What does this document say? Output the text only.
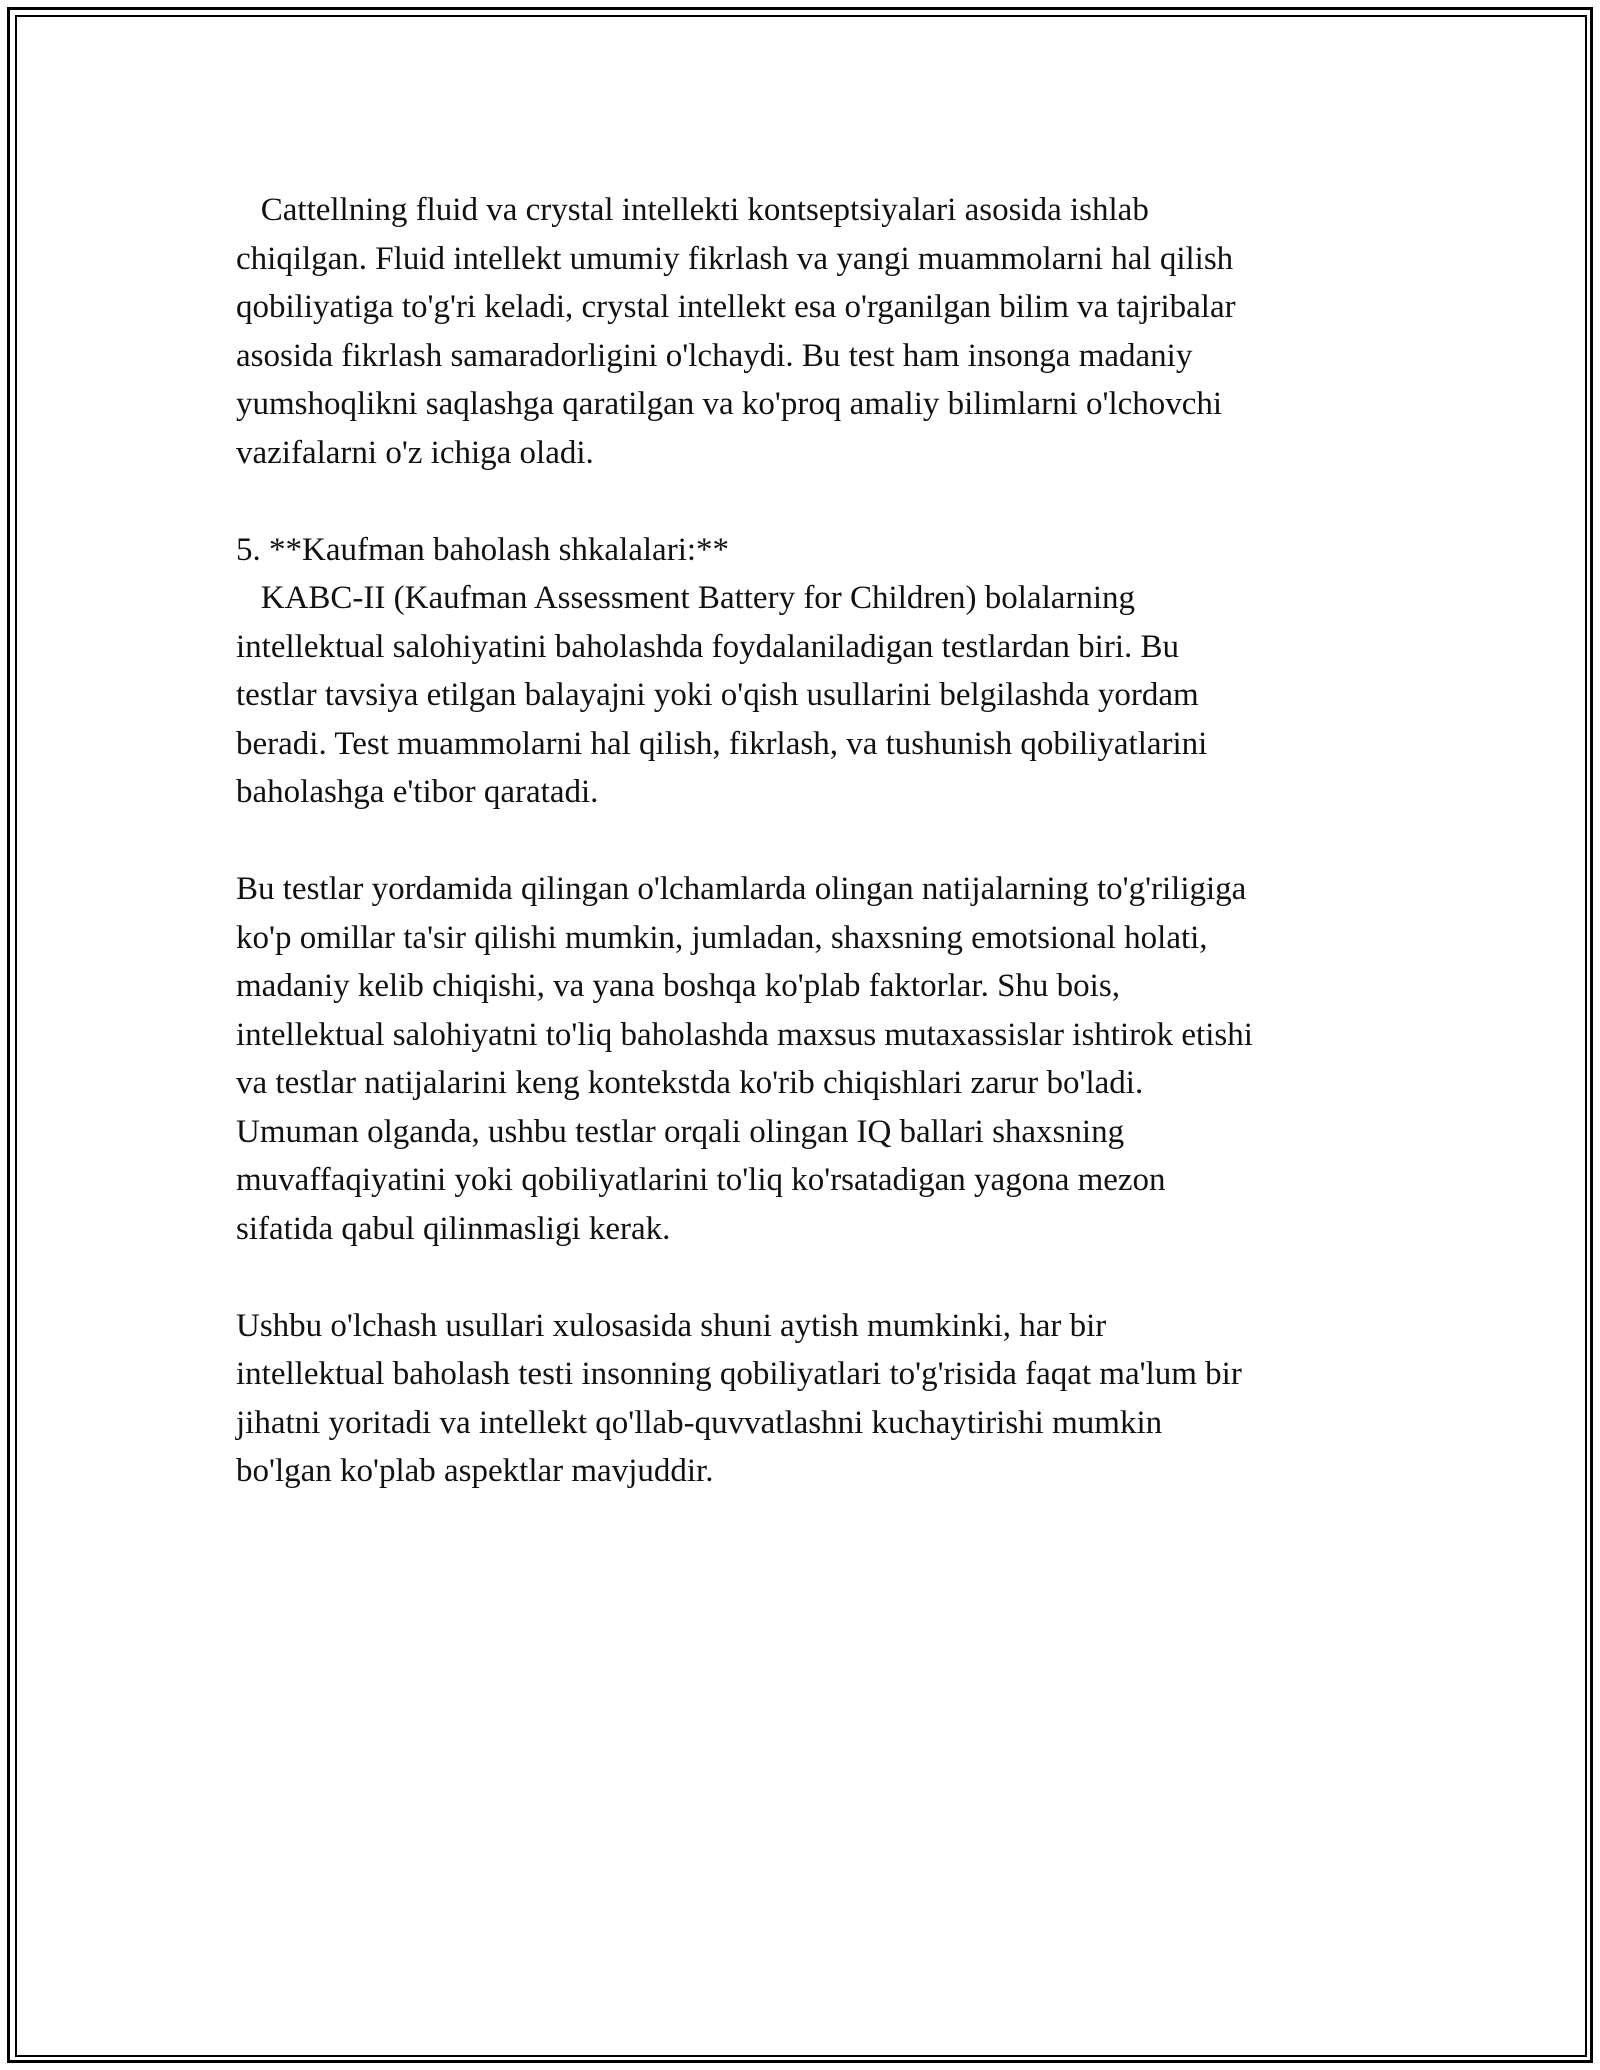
Cattellning fluid va crystal intellekti kontseptsiyalari asosida ishlab
chiqilgan. Fluid intellekt umumiy fikrlash va yangi muammolarni hal qilish
qobiliyatiga to'g'ri keladi, crystal intellekt esa o'rganilgan bilim va tajribalar
asosida fikrlash samaradorligini o'lchaydi. Bu test ham insonga madaniy
yumshoqlikni saqlashga qaratilgan va ko'proq amaliy bilimlarni o'lchovchi
vazifalarni o'z ichiga oladi.
5. **Kaufman baholash shkalalari:**
KABC-II (Kaufman Assessment Battery for Children) bolalarning
intellektual salohiyatini baholashda foydalaniladigan testlardan biri. Bu
testlar tavsiya etilgan balayajni yoki o'qish usullarini belgilashda yordam
beradi. Test muammolarni hal qilish, fikrlash, va tushunish qobiliyatlarini
baholashga e'tibor qaratadi.
Bu testlar yordamida qilingan o'lchamlarda olingan natijalarning to'g'riligiga
ko'p omillar ta'sir qilishi mumkin, jumladan, shaxsning emotsional holati,
madaniy kelib chiqishi, va yana boshqa ko'plab faktorlar. Shu bois,
intellektual salohiyatni to'liq baholashda maxsus mutaxassislar ishtirok etishi
va testlar natijalarini keng kontekstda ko'rib chiqishlari zarur bo'ladi.
Umuman olganda, ushbu testlar orqali olingan IQ ballari shaxsning
muvaffaqiyatini yoki qobiliyatlarini to'liq ko'rsatadigan yagona mezon
sifatida qabul qilinmasligi kerak.
Ushbu o'lchash usullari xulosasida shuni aytish mumkinki, har bir
intellektual baholash testi insonning qobiliyatlari to'g'risida faqat ma'lum bir
jihatni yoritadi va intellekt qo'llab-quvvatlashni kuchaytirishi mumkin
bo'lgan ko'plab aspektlar mavjuddir.
